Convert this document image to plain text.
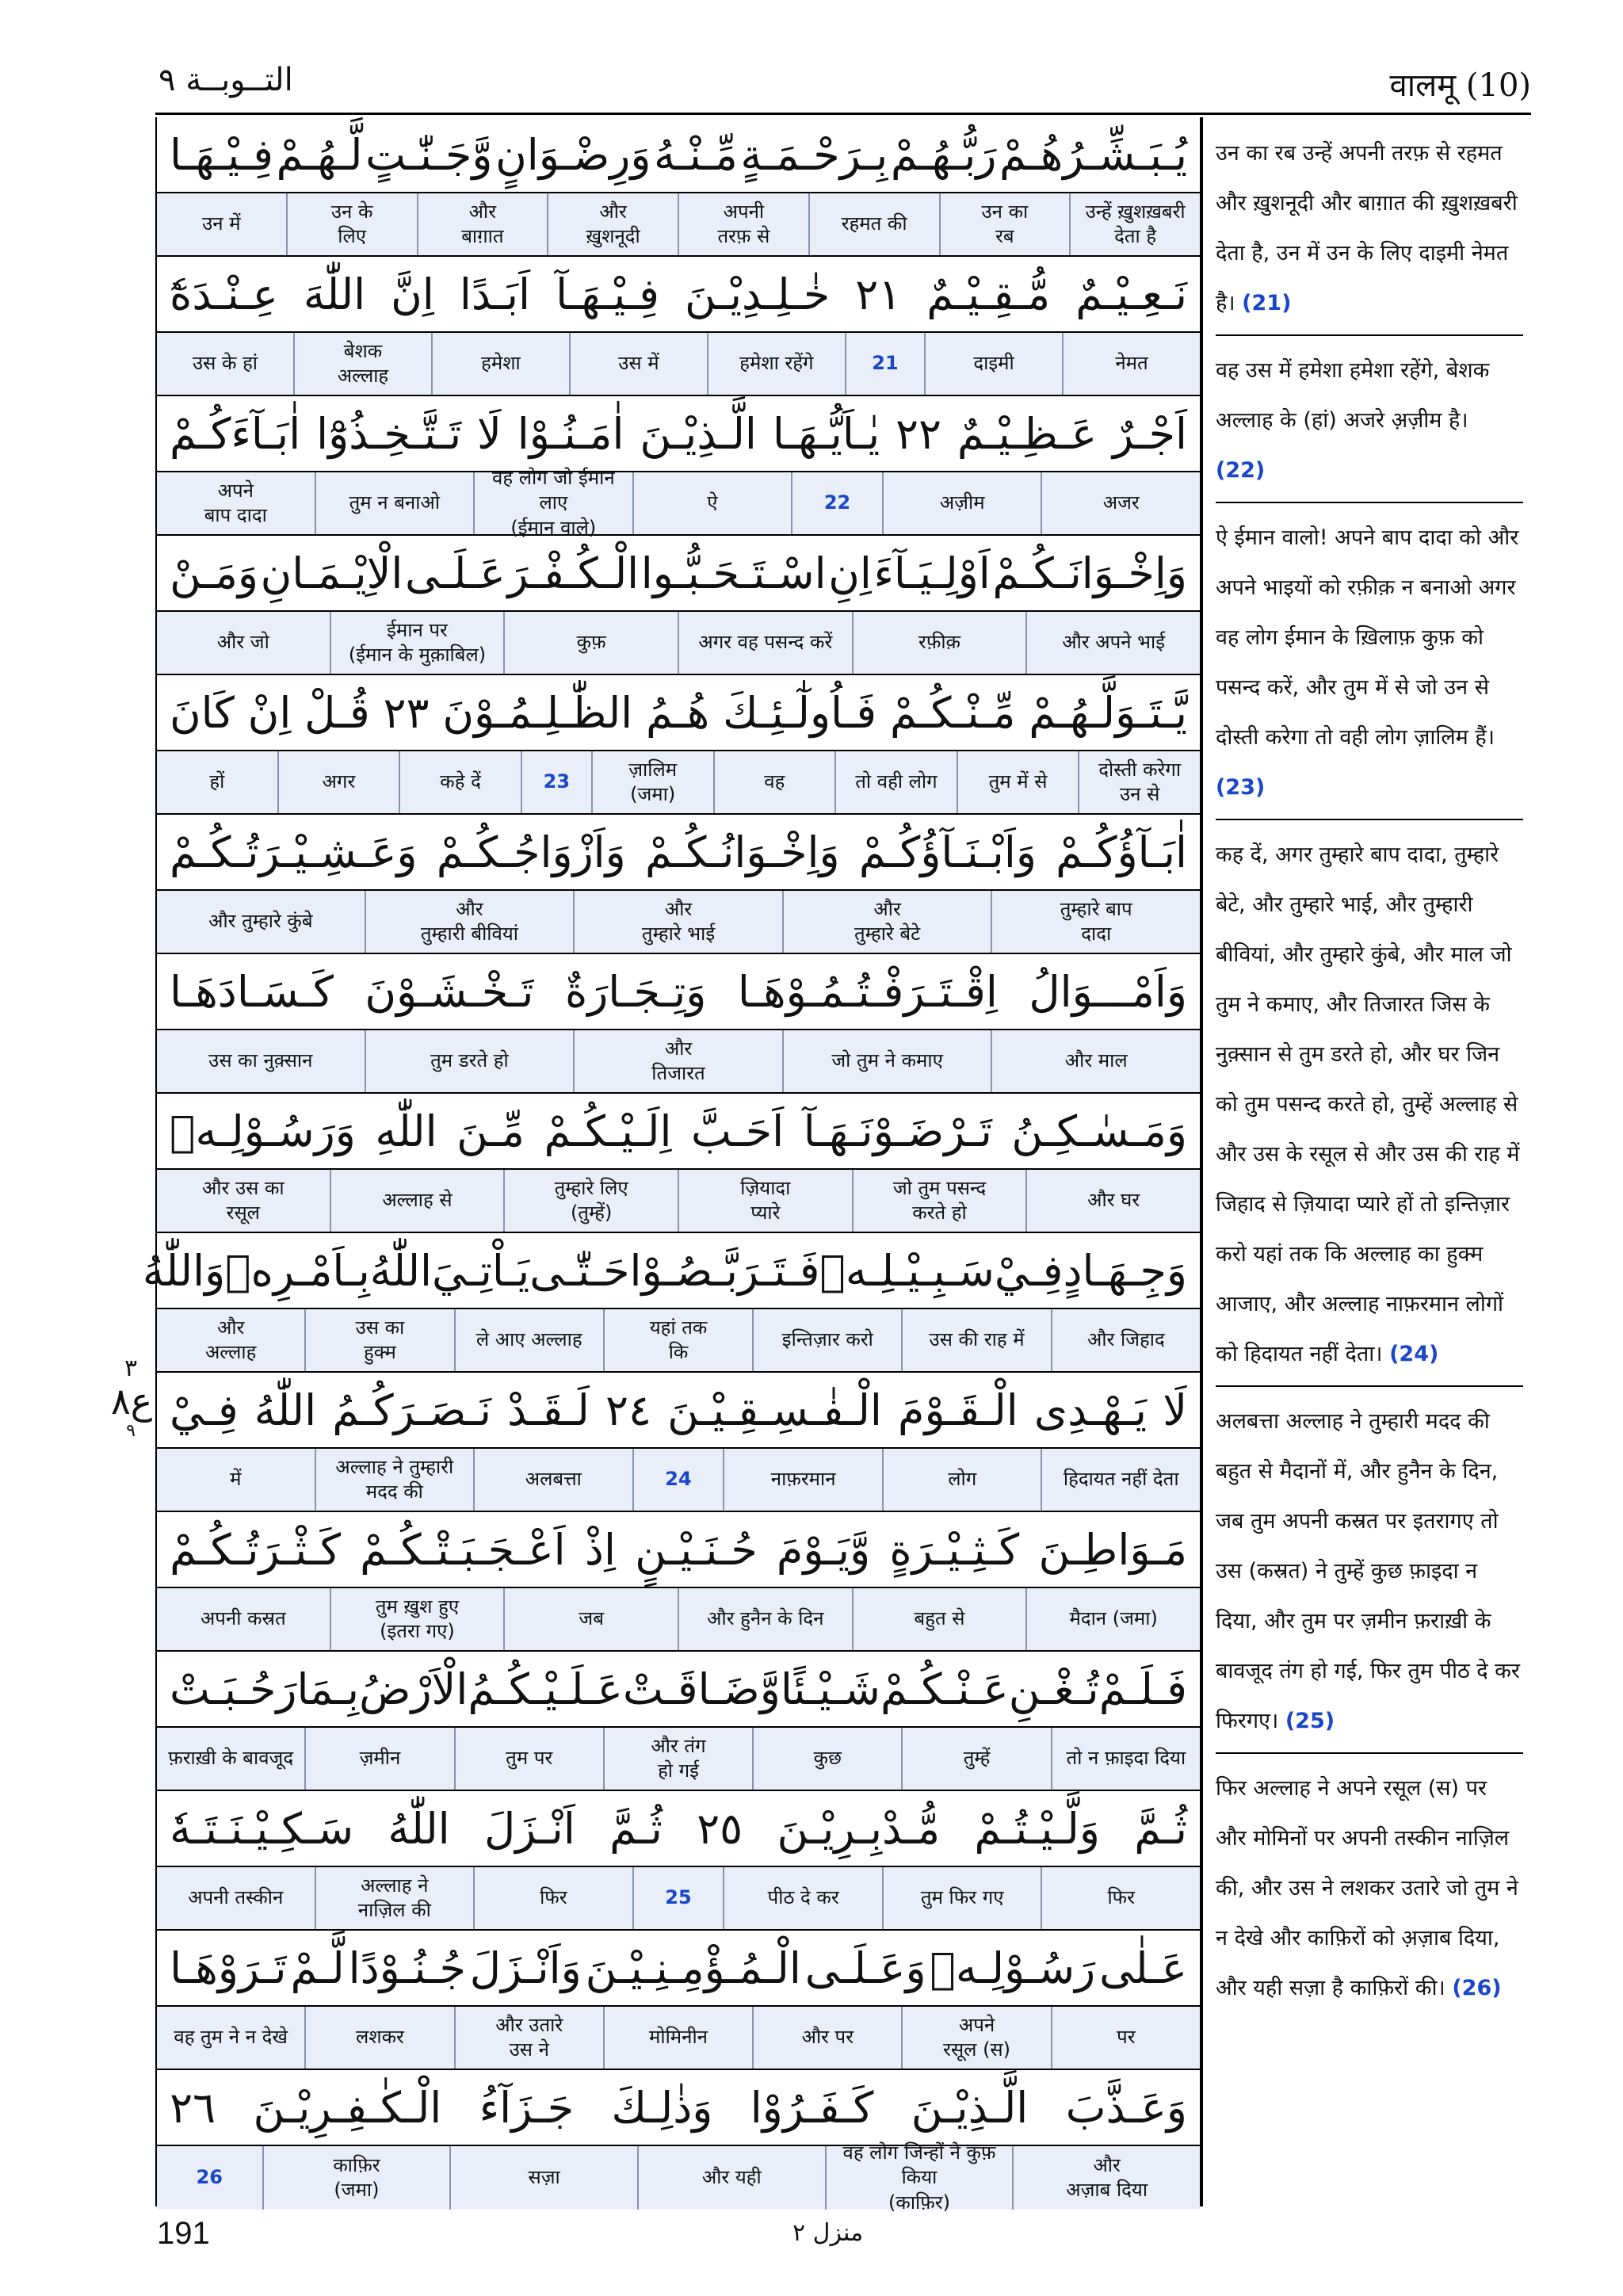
التــوبــة ٩	वालमू (10)
يُـبَـشِّـرُهُـمْ
رَبُّـهُـمْ
بِـرَحْـمَـةٍ
مِّـنْـهُ
وَرِضْـوَانٍ
وَّجَـنّٰـتٍ
لَّـهُـمْ
فِـيْـهَـا
उन्हें ख़ुशख़बरी
देता है
उन का
रब
रहमत की
अपनी
तरफ़ से
और
ख़ुशनूदी
और
बाग़ात
उन के
लिए
उन में
نَـعِـيْـمٌ
مُّـقِـيْـمٌ
٢١
خٰـلِـدِيْـنَ
فِـيْـهَـآ
اَبَـدًا
اِنَّ
اللّٰهَ
عِـنْـدَهٗٓ
नेमत
दाइमी
21
हमेशा रहेंगे
उस में
हमेशा
बेशक
अल्लाह
उस के हां
اَجْـرٌ
عَـظِـيْـمٌ
٢٢
يٰـاَيُّـهَـا
الَّـذِيْـنَ
اٰمَـنُـوْا
لَا
تَـتَّـخِـذُوْٓا
اٰبَـآءَكُـمْ
अजर
अज़ीम
22
ऐ
वह लोग जो ईमान लाए
(ईमान वाले)
तुम न बनाओ
अपने
बाप दादा
وَاِخْـوَانَـكُـمْ
اَوْلِـيَـآءَ
اِنِ
اسْـتَـحَـبُّـوا
الْـكُـفْـرَ
عَـلَـى
الْاِيْـمَـانِ
وَمَـنْ
और अपने भाई
रफ़ीक़
अगर वह पसन्द करें
कुफ़
ईमान पर
(ईमान के मुक़ाबिल)
और जो
يَّـتَـوَلَّـهُـمْ
مِّـنْـكُـمْ
فَـاُولٰٓـئِـكَ
هُـمُ
الظّٰـلِـمُـوْنَ
٢٣
قُـلْ
اِنْ
كَانَ
दोस्ती करेगा
उन से
तुम में से
तो वही लोग
वह
ज़ालिम
(जमा)
23
कहे दें
अगर
हों
اٰبَـآؤُكُـمْ
وَاَبْـنَـآؤُكُـمْ
وَاِخْـوَانُـكُـمْ
وَاَزْوَاجُـكُـمْ
وَعَـشِـيْـرَتُـكُـمْ
तुम्हारे बाप
दादा
और
तुम्हारे बेटे
और
तुम्हारे भाई
और
तुम्हारी बीवियां
और तुम्हारे कुंबे
وَاَمْـــوَالُ
اِقْـتَـرَفْـتُـمُـوْهَـا
وَتِـجَـارَةٌ
تَـخْـشَـوْنَ
كَـسَـادَهَـا
और माल
जो तुम ने कमाए
और
तिजारत
तुम डरते हो
उस का नुक़्सान
وَمَـسٰـكِـنُ
تَـرْضَـوْنَـهَـآ
اَحَـبَّ
اِلَـيْـكُـمْ
مِّـنَ
اللّٰهِ
وَرَسُـوْلِـهٖ
और घर
जो तुम पसन्द
करते हो
ज़ियादा
प्यारे
तुम्हारे लिए
(तुम्हें)
अल्लाह से
और उस का
रसूल
وَجِـهَـادٍ
فِـيْ
سَـبِـيْـلِـهٖ
فَـتَـرَبَّـصُـوْا
حَـتّٰـى
يَـاْتِـيَ
اللّٰهُ
بِـاَمْـرِهٖ
وَاللّٰهُ
और जिहाद
उस की राह में
इन्तिज़ार करो
यहां तक
कि
ले आए अल्लाह
उस का
हुक्म
और
अल्लाह
لَا
يَـهْـدِى
الْـقَـوْمَ
الْـفٰـسِـقِـيْـنَ
٢٤
لَـقَـدْ
نَـصَـرَكُـمُ
اللّٰهُ
فِـيْ
हिदायत नहीं देता
लोग
नाफ़रमान
24
अलबत्ता
अल्लाह ने तुम्हारी
मदद की
में
مَـوَاطِـنَ
كَـثِـيْـرَةٍ
وَّيَـوْمَ
حُـنَـيْـنٍ
اِذْ
اَعْـجَـبَـتْـكُـمْ
كَـثْـرَتُـكُـمْ
मैदान (जमा)
बहुत से
और हुनैन के दिन
जब
तुम ख़ुश हुए
(इतरा गए)
अपनी कस्रत
فَـلَـمْ
تُـغْـنِ
عَـنْـكُـمْ
شَـيْـئًا
وَّضَـاقَـتْ
عَـلَـيْـكُـمُ
الْاَرْضُ
بِـمَا
رَحُـبَـتْ
तो न फ़ाइदा दिया
तुम्हें
कुछ
और तंग
हो गई
तुम पर
ज़मीन
फ़राख़ी के बावजूद
ثُـمَّ
وَلَّـيْـتُـمْ
مُّـدْبِـرِيْـنَ
٢٥
ثُـمَّ
اَنْـزَلَ
اللّٰهُ
سَـكِـيْـنَـتَـهٗ
फिर
तुम फिर गए
पीठ दे कर
25
फिर
अल्लाह ने
नाज़िल की
अपनी तस्कीन
عَـلٰى
رَسُـوْلِـهٖ
وَعَـلَـى
الْـمُـؤْمِـنِـيْـنَ
وَاَنْـزَلَ
جُـنُـوْدًا
لَّـمْ
تَـرَوْهَـا
पर
अपने
रसूल (स)
और पर
मोमिनीन
और उतारे
उस ने
लशकर
वह तुम ने न देखे
وَعَـذَّبَ
الَّـذِيْـنَ
كَـفَـرُوْا
وَذٰلِـكَ
جَـزَآءُ
الْـكٰـفِـرِيْـنَ
٢٦
और
अज़ाब दिया
वह लोग जिन्हों ने कुफ़ किया
(काफ़िर)
और यही
सज़ा
काफ़िर
(जमा)
26
उन का रब उन्हें अपनी तरफ़ से रहमत और ख़ुशनूदी और बाग़ात की ख़ुशख़बरी देता है, उन में उन के लिए दाइमी नेमत है। (21)
वह उस में हमेशा हमेशा रहेंगे, बेशक अल्लाह के (हां) अजरे अ़ज़ीम है। (22)
ऐ ईमान वालो! अपने बाप दादा को और अपने भाइयों को रफ़ीक़ न बनाओ अगर वह लोग ईमान के ख़िलाफ़ कुफ़ को पसन्द करें, और तुम में से जो उन से दोस्ती करेगा तो वही लोग ज़ालिम हैं। (23)
कह दें, अगर तुम्हारे बाप दादा, तुम्हारे बेटे, और तुम्हारे भाई, और तुम्हारी बीवियां, और तुम्हारे कुंबे, और माल जो तुम ने कमाए, और तिजारत जिस के नुक़्सान से तुम डरते हो, और घर जिन को तुम पसन्द करते हो, तुम्हें अल्लाह से और उस के रसूल से और उस की राह में जिहाद से ज़ियादा प्यारे हों तो इन्तिज़ार करो यहां तक कि अल्लाह का हुक्म आजाए, और अल्लाह नाफ़रमान लोगों को हिदायत नहीं देता। (24)
अलबत्ता अल्लाह ने तुम्हारी मदद की बहुत से मैदानों में, और हुनैन के दिन, जब तुम अपनी कस्रत पर इतरागए तो उस (कस्रत) ने तुम्हें कुछ फ़ाइदा न दिया, और तुम पर ज़मीन फ़राख़ी के बावजूद तंग हो गई, फिर तुम पीठ दे कर फिरगए। (25)
फिर अल्लाह ने अपने रसूल (स) पर और मोमिनों पर अपनी तस्कीन नाज़िल की, और उस ने लशकर उतारे जो तुम ने न देखे और काफ़िरों को अ़ज़ाब दिया, और यही सज़ा है काफ़िरों की। (26)
٣
ع٨
٩
191	منزل ٢
